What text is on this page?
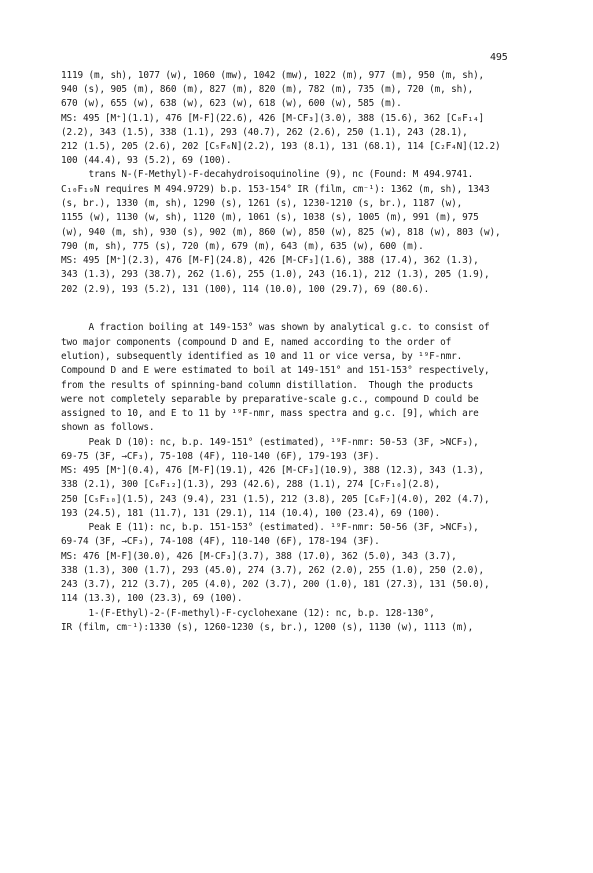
495
1119 (m, sh), 1077 (w), 1060 (mw), 1042 (mw), 1022 (m), 977 (m), 950 (m, sh),
940 (s), 905 (m), 860 (m), 827 (m), 820 (m), 782 (m), 735 (m), 720 (m, sh),
670 (w), 655 (w), 638 (w), 623 (w), 618 (w), 600 (w), 585 (m).
MS: 495 [M⁺](1.1), 476 [M-F](22.6), 426 [M-CF₃](3.0), 388 (15.6), 362 [C₈F₁₄]
(2.2), 343 (1.5), 338 (1.1), 293 (40.7), 262 (2.6), 250 (1.1), 243 (28.1),
212 (1.5), 205 (2.6), 202 [C₅F₆N](2.2), 193 (8.1), 131 (68.1), 114 [C₂F₄N](12.2)
100 (44.4), 93 (5.2), 69 (100).
trans N-(F-Methyl)-F-decahydroisoquinoline (9), nc (Found: M 494.9741.
C₁₀F₁₉N requires M 494.9729) b.p. 153-154° IR (film, cm⁻¹): 1362 (m, sh), 1343
(s, br.), 1330 (m, sh), 1290 (s), 1261 (s), 1230-1210 (s, br.), 1187 (w),
1155 (w), 1130 (w, sh), 1120 (m), 1061 (s), 1038 (s), 1005 (m), 991 (m), 975
(w), 940 (m, sh), 930 (s), 902 (m), 860 (w), 850 (w), 825 (w), 818 (w), 803 (w),
790 (m, sh), 775 (s), 720 (m), 679 (m), 643 (m), 635 (w), 600 (m).
MS: 495 [M⁺](2.3), 476 [M-F](24.8), 426 [M-CF₃](1.6), 388 (17.4), 362 (1.3),
343 (1.3), 293 (38.7), 262 (1.6), 255 (1.0), 243 (16.1), 212 (1.3), 205 (1.9),
202 (2.9), 193 (5.2), 131 (100), 114 (10.0), 100 (29.7), 69 (80.6).
A fraction boiling at 149-153° was shown by analytical g.c. to consist of
two major components (compound D and E, named according to the order of
elution), subsequently identified as 10 and 11 or vice versa, by ¹⁹F-nmr.
Compound D and E were estimated to boil at 149-151° and 151-153° respectively,
from the results of spinning-band column distillation.  Though the products
were not completely separable by preparative-scale g.c., compound D could be
assigned to 10, and E to 11 by ¹⁹F-nmr, mass spectra and g.c. [9], which are
shown as follows.
Peak D (10): nc, b.p. 149-151° (estimated), ¹⁹F-nmr: 50-53 (3F, >NCF₃),
69-75 (3F, →CF₃), 75-108 (4F), 110-140 (6F), 179-193 (3F).
MS: 495 [M⁺](0.4), 476 [M-F](19.1), 426 [M-CF₃](10.9), 388 (12.3), 343 (1.3),
338 (2.1), 300 [C₆F₁₂](1.3), 293 (42.6), 288 (1.1), 274 [C₇F₁₀](2.8),
250 [C₅F₁₀](1.5), 243 (9.4), 231 (1.5), 212 (3.8), 205 [C₆F₇](4.0), 202 (4.7),
193 (24.5), 181 (11.7), 131 (29.1), 114 (10.4), 100 (23.4), 69 (100).
Peak E (11): nc, b.p. 151-153° (estimated). ¹⁹F-nmr: 50-56 (3F, >NCF₃),
69-74 (3F, →CF₃), 74-108 (4F), 110-140 (6F), 178-194 (3F).
MS: 476 [M-F](30.0), 426 [M-CF₃](3.7), 388 (17.0), 362 (5.0), 343 (3.7),
338 (1.3), 300 (1.7), 293 (45.0), 274 (3.7), 262 (2.0), 255 (1.0), 250 (2.0),
243 (3.7), 212 (3.7), 205 (4.0), 202 (3.7), 200 (1.0), 181 (27.3), 131 (50.0),
114 (13.3), 100 (23.3), 69 (100).
1-(F-Ethyl)-2-(F-methyl)-F-cyclohexane (12): nc, b.p. 128-130°,
IR (film, cm⁻¹):1330 (s), 1260-1230 (s, br.), 1200 (s), 1130 (w), 1113 (m),
